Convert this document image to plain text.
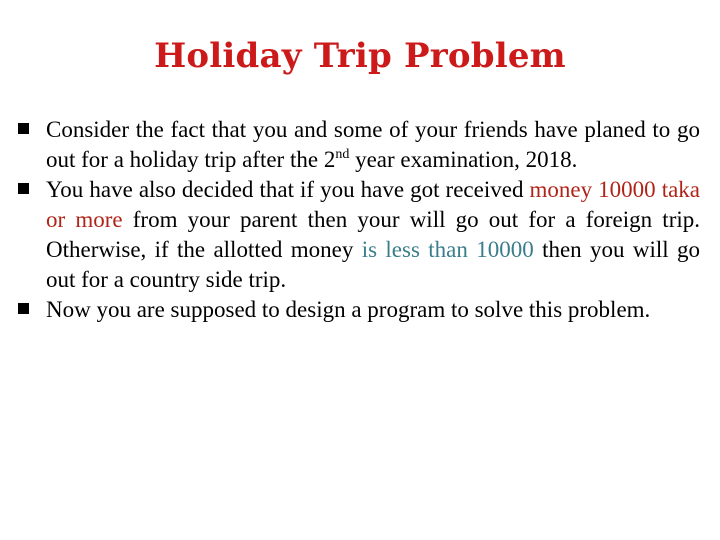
Holiday Trip Problem
Consider the fact that you and some of your friends have planed to go out for a holiday trip after the 2nd year examination, 2018.
You have also decided that if you have got received money 10000 taka or more from your parent then your will go out for a foreign trip. Otherwise, if the allotted money is less than 10000 then you will go out for a country side trip.
Now you are supposed to design a program to solve this problem.
